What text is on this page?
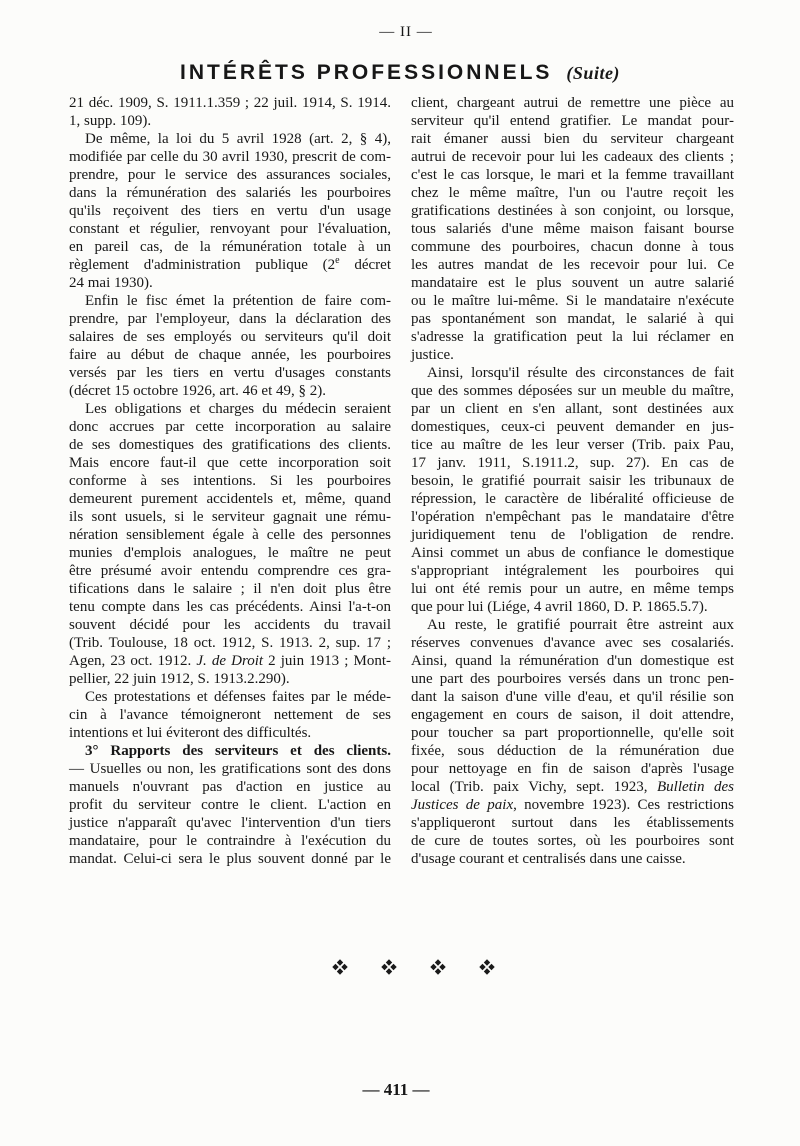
— II —
INTÉRÊTS PROFESSIONNELS (Suite)
21 déc. 1909, S. 1911.1.359 ; 22 juil. 1914, S. 1914.
1, supp. 109).
De même, la loi du 5 avril 1928 (art. 2, § 4),
modifiée par celle du 30 avril 1930, prescrit de com-
prendre, pour le service des assurances sociales,
dans la rémunération des salariés les pourboires
qu'ils reçoivent des tiers en vertu d'un usage
constant et régulier, renvoyant pour l'évaluation,
en pareil cas, de la rémunération totale à un
règlement d'administration publique (2e décret
24 mai 1930).
Enfin le fisc émet la prétention de faire com-
prendre, par l'employeur, dans la déclaration des
salaires de ses employés ou serviteurs qu'il doit
faire au début de chaque année, les pourboires
versés par les tiers en vertu d'usages constants
(décret 15 octobre 1926, art. 46 et 49, § 2).
Les obligations et charges du médecin seraient
donc accrues par cette incorporation au salaire
de ses domestiques des gratifications des clients.
Mais encore faut-il que cette incorporation soit
conforme à ses intentions. Si les pourboires
demeurent purement accidentels et, même, quand
ils sont usuels, si le serviteur gagnait une rému-
nération sensiblement égale à celle des personnes
munies d'emplois analogues, le maître ne peut
être présumé avoir entendu comprendre ces gra-
tifications dans le salaire ; il n'en doit plus être
tenu compte dans les cas précédents. Ainsi l'a-t-on
souvent décidé pour les accidents du travail
(Trib. Toulouse, 18 oct. 1912, S. 1913. 2, sup. 17 ;
Agen, 23 oct. 1912. J. de Droit 2 juin 1913 ; Mont-
pellier, 22 juin 1912, S. 1913.2.290).
Ces protestations et défenses faites par le méde-
cin à l'avance témoigneront nettement de ses
intentions et lui éviteront des difficultés.
3° Rapports des serviteurs et des clients.
— Usuelles ou non, les gratifications sont des dons
manuels n'ouvrant pas d'action en justice au
profit du serviteur contre le client. L'action en
justice n'apparaît qu'avec l'intervention d'un tiers
mandataire, pour le contraindre à l'exécution du
mandat. Celui-ci sera le plus souvent donné par le
client, chargeant autrui de remettre une pièce au
serviteur qu'il entend gratifier. Le mandat pour-
rait émaner aussi bien du serviteur chargeant
autrui de recevoir pour lui les cadeaux des clients ;
c'est le cas lorsque, le mari et la femme travaillant
chez le même maître, l'un ou l'autre reçoit les
gratifications destinées à son conjoint, ou lorsque,
tous salariés d'une même maison faisant bourse
commune des pourboires, chacun donne à tous
les autres mandat de les recevoir pour lui. Ce
mandataire est le plus souvent un autre salarié
ou le maître lui-même. Si le mandataire n'exécute
pas spontanément son mandat, le salarié à qui
s'adresse la gratification peut la lui réclamer en
justice.
Ainsi, lorsqu'il résulte des circonstances de fait
que des sommes déposées sur un meuble du maître,
par un client en s'en allant, sont destinées aux
domestiques, ceux-ci peuvent demander en jus-
tice au maître de les leur verser (Trib. paix Pau,
17 janv. 1911, S.1911.2, sup. 27). En cas de
besoin, le gratifié pourrait saisir les tribunaux de
répression, le caractère de libéralité officieuse de
l'opération n'empêchant pas le mandataire d'être
juridiquement tenu de l'obligation de rendre.
Ainsi commet un abus de confiance le domestique
s'appropriant intégralement les pourboires qui
lui ont été remis pour un autre, en même temps
que pour lui (Liége, 4 avril 1860, D. P. 1865.5.7).
Au reste, le gratifié pourrait être astreint aux
réserves convenues d'avance avec ses cosalariés.
Ainsi, quand la rémunération d'un domestique est
une part des pourboires versés dans un tronc pen-
dant la saison d'une ville d'eau, et qu'il résilie son
engagement en cours de saison, il doit attendre,
pour toucher sa part proportionnelle, qu'elle soit
fixée, sous déduction de la rémunération due
pour nettoyage en fin de saison d'après l'usage
local (Trib. paix Vichy, sept. 1923, Bulletin des
Justices de paix, novembre 1923). Ces restrictions
s'appliqueront surtout dans les établissements
de cure de toutes sortes, où les pourboires sont
d'usage courant et centralisés dans une caisse.
— 411 —
